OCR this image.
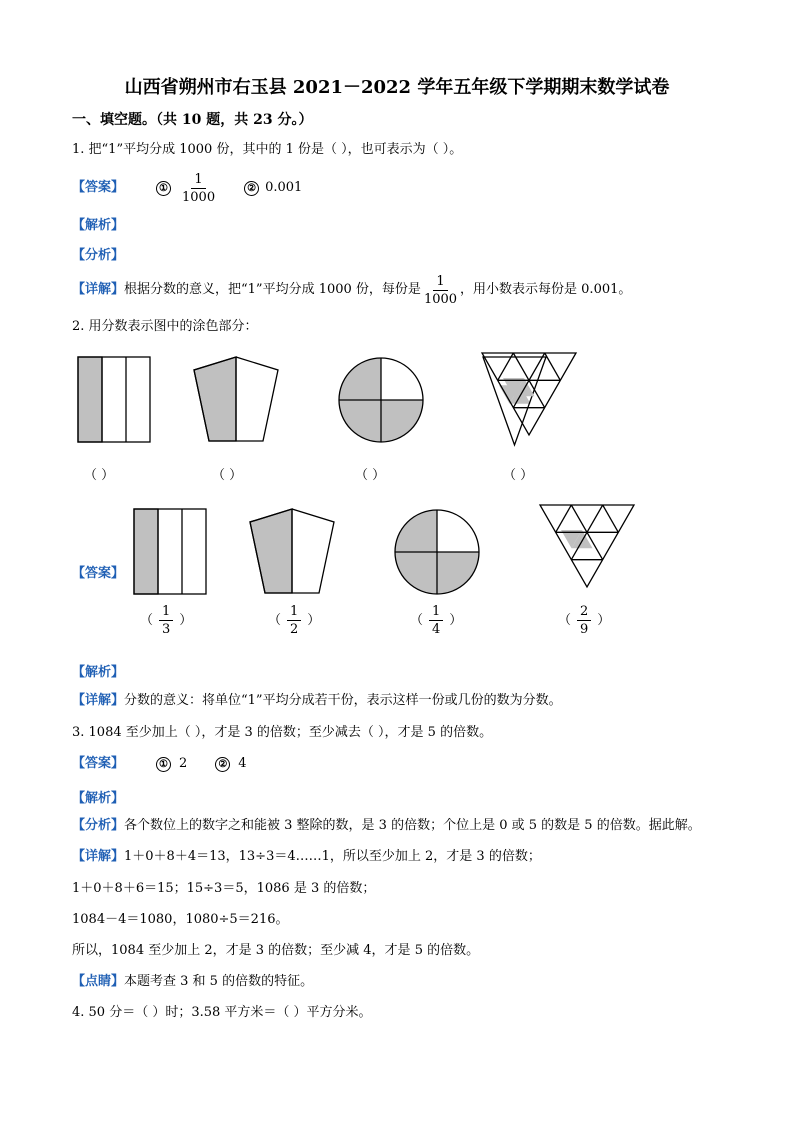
山西省朔州市右玉县 2021－2022 学年五年级下学期期末数学试卷
一、填空题。（共 10 题，共 23 分。）
1. 把“1”平均分成 1000 份，其中的 1 份是（ ），也可表示为（ ）。
【答案】	① $\frac{1}{1000}$	② 0.001
【解析】
【分析】
【详解】 根据分数的意义，把“1”平均分成 1000 份，每份是 $\frac{1}{1000}$ ，用小数表示每份是 0.001。
2. 用分数表示图中的涂色部分：
（ ）	（ ）	（ ）	（ ）
【答案】
（ $\frac{1}{3}$ ）	（ $\frac{1}{2}$ ）	（ $\frac{1}{4}$ ）	（ $\frac{2}{9}$ ）
【解析】
【详解】分数的意义：将单位“1”平均分成若干份，表示这样一份或几份的数为分数。
3. 1084 至少加上（ ），才是 3 的倍数；至少减去（ ），才是 5 的倍数。
【答案】	① 2	② 4
【解析】
【分析】各个数位上的数字之和能被 3 整除的数，是 3 的倍数；个位上是 0 或 5 的数是 5 的倍数。据此解。
【详解】1＋0＋8＋4＝13，13÷3＝4……1，所以至少加上 2，才是 3 的倍数；
1＋0＋8＋6＝15；15÷3＝5，1086 是 3 的倍数；
1084－4＝1080，1080÷5＝216。
所以，1084 至少加上 2，才是 3 的倍数；至少减 4，才是 5 的倍数。
【点睛】本题考查 3 和 5 的倍数的特征。
4. 50 分＝（ ）时；3.58 平方米＝（ ）平方分米。
